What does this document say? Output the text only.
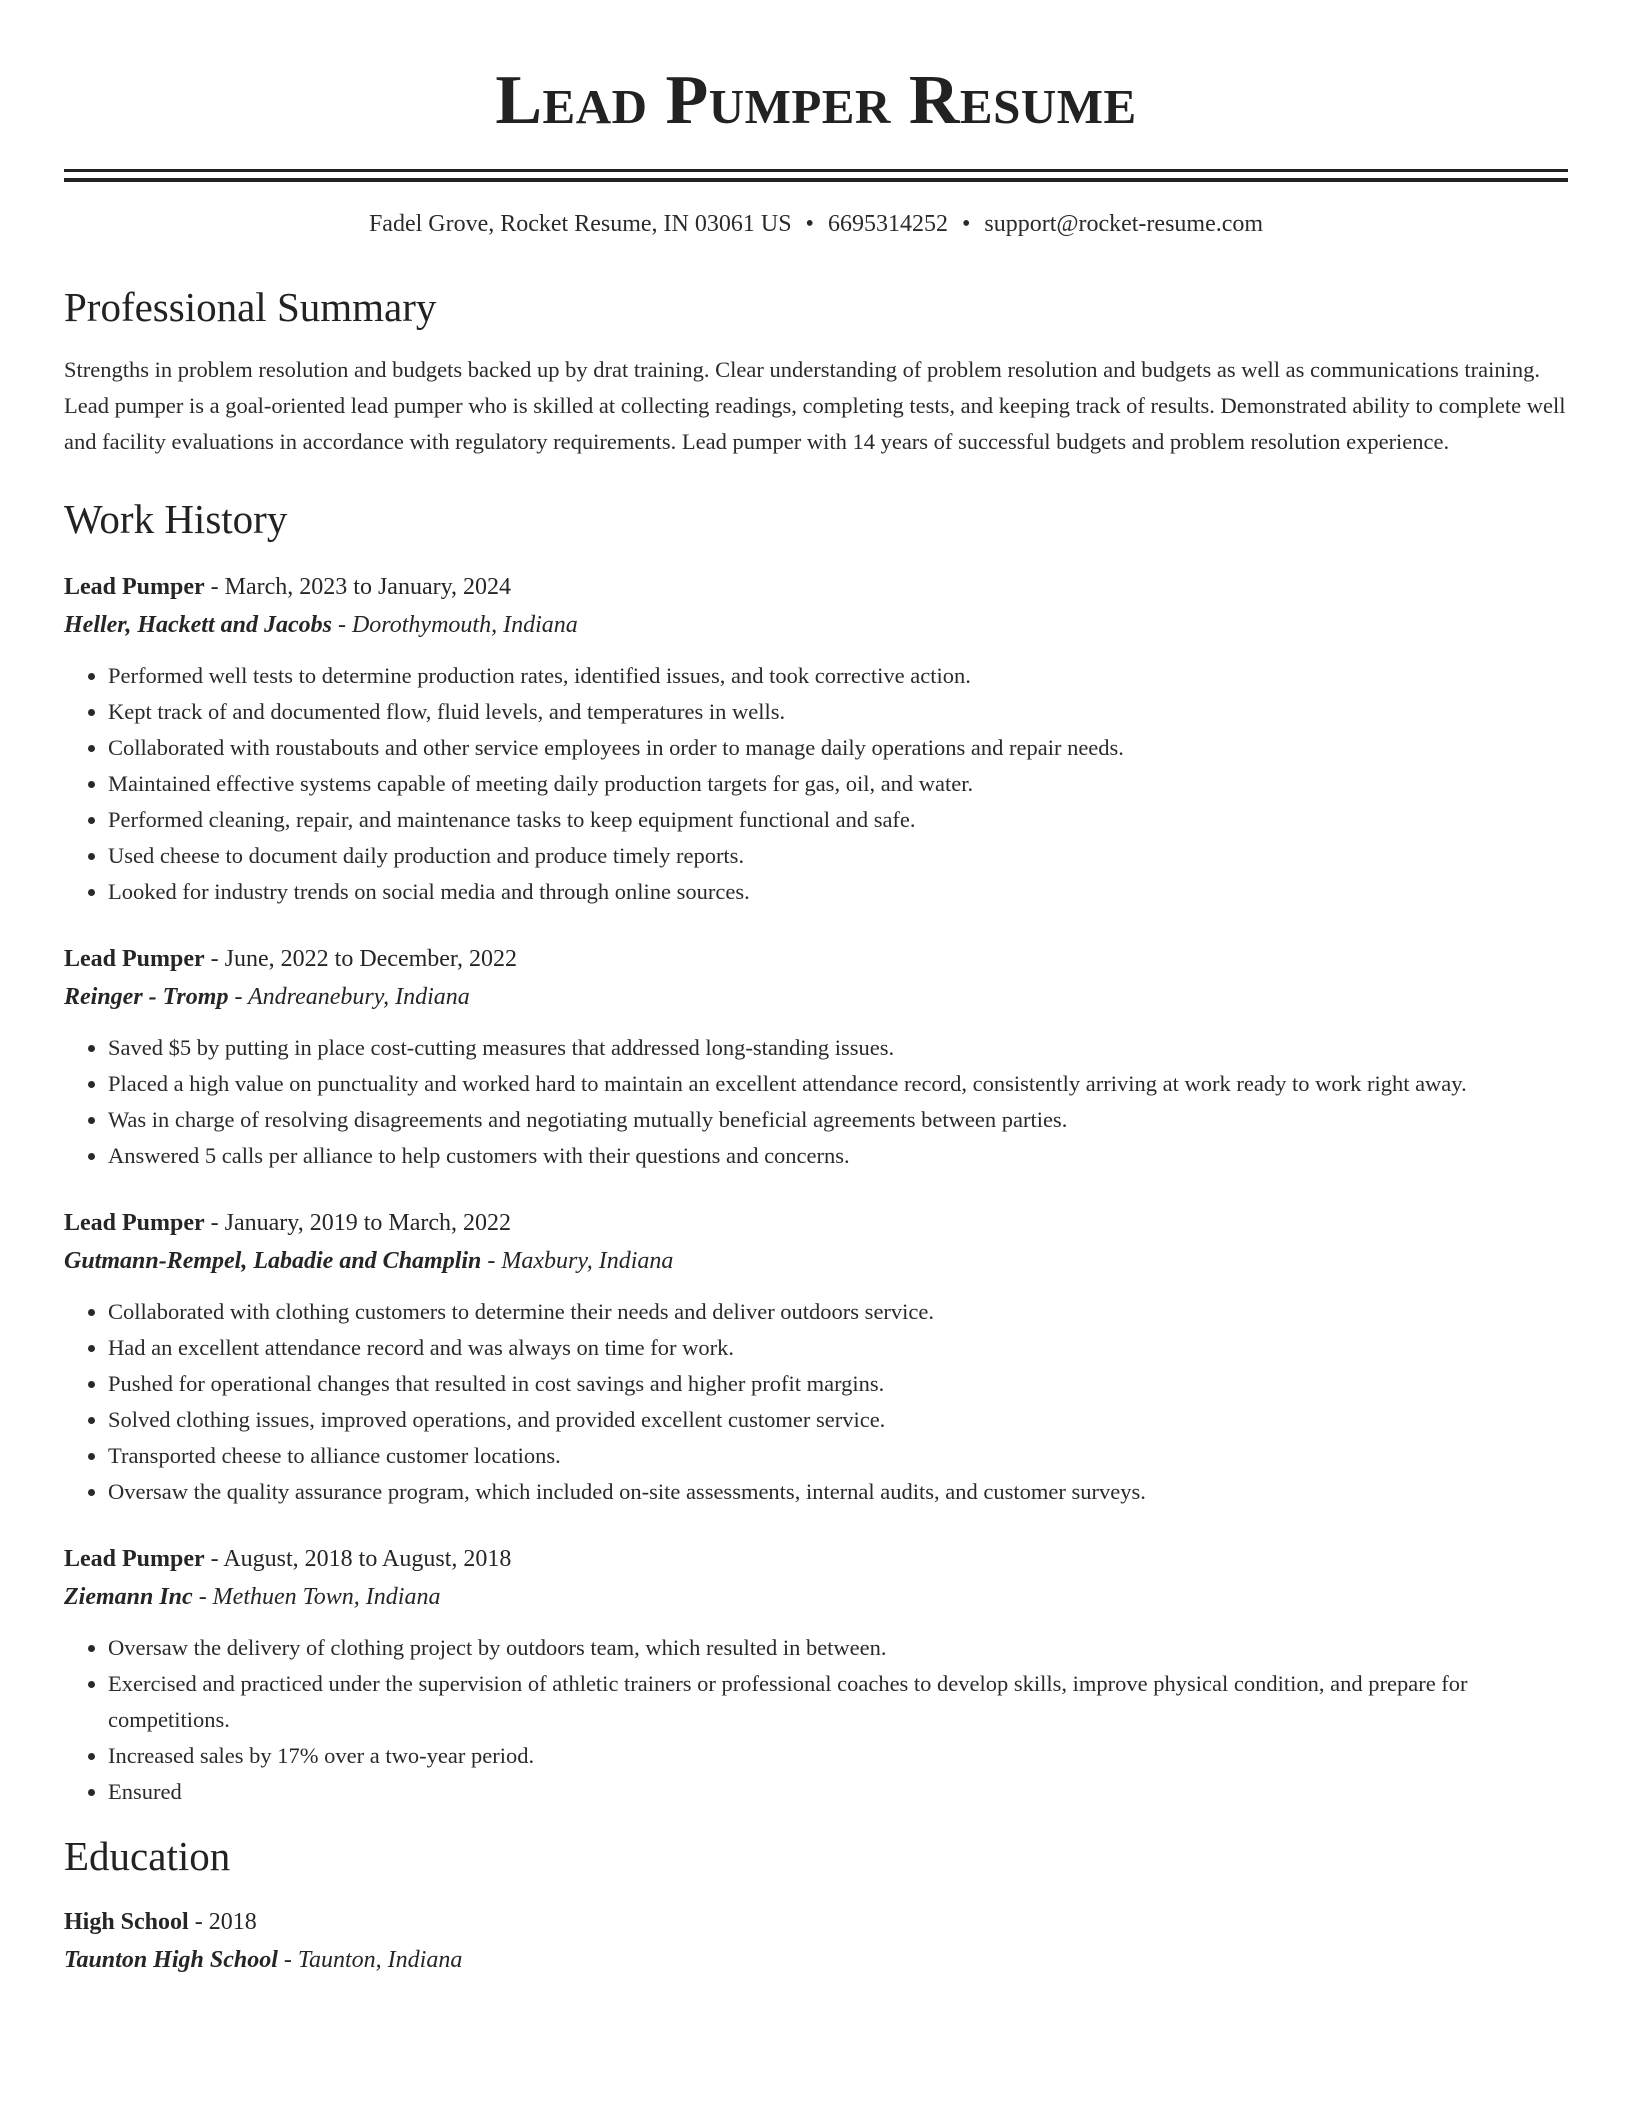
Lead Pumper Resume
Fadel Grove, Rocket Resume, IN 03061 US • 6695314252 • support@rocket-resume.com
Professional Summary
Strengths in problem resolution and budgets backed up by drat training. Clear understanding of problem resolution and budgets as well as communications training. Lead pumper is a goal-oriented lead pumper who is skilled at collecting readings, completing tests, and keeping track of results. Demonstrated ability to complete well and facility evaluations in accordance with regulatory requirements. Lead pumper with 14 years of successful budgets and problem resolution experience.
Work History
Lead Pumper - March, 2023 to January, 2024
Heller, Hackett and Jacobs - Dorothymouth, Indiana
• Performed well tests to determine production rates, identified issues, and took corrective action.
• Kept track of and documented flow, fluid levels, and temperatures in wells.
• Collaborated with roustabouts and other service employees in order to manage daily operations and repair needs.
• Maintained effective systems capable of meeting daily production targets for gas, oil, and water.
• Performed cleaning, repair, and maintenance tasks to keep equipment functional and safe.
• Used cheese to document daily production and produce timely reports.
• Looked for industry trends on social media and through online sources.
Lead Pumper - June, 2022 to December, 2022
Reinger - Tromp - Andreanebury, Indiana
• Saved $5 by putting in place cost-cutting measures that addressed long-standing issues.
• Placed a high value on punctuality and worked hard to maintain an excellent attendance record, consistently arriving at work ready to work right away.
• Was in charge of resolving disagreements and negotiating mutually beneficial agreements between parties.
• Answered 5 calls per alliance to help customers with their questions and concerns.
Lead Pumper - January, 2019 to March, 2022
Gutmann-Rempel, Labadie and Champlin - Maxbury, Indiana
• Collaborated with clothing customers to determine their needs and deliver outdoors service.
• Had an excellent attendance record and was always on time for work.
• Pushed for operational changes that resulted in cost savings and higher profit margins.
• Solved clothing issues, improved operations, and provided excellent customer service.
• Transported cheese to alliance customer locations.
• Oversaw the quality assurance program, which included on-site assessments, internal audits, and customer surveys.
Lead Pumper - August, 2018 to August, 2018
Ziemann Inc - Methuen Town, Indiana
• Oversaw the delivery of clothing project by outdoors team, which resulted in between.
• Exercised and practiced under the supervision of athletic trainers or professional coaches to develop skills, improve physical condition, and prepare for competitions.
• Increased sales by 17% over a two-year period.
• Ensured
Education
High School - 2018
Taunton High School - Taunton, Indiana
